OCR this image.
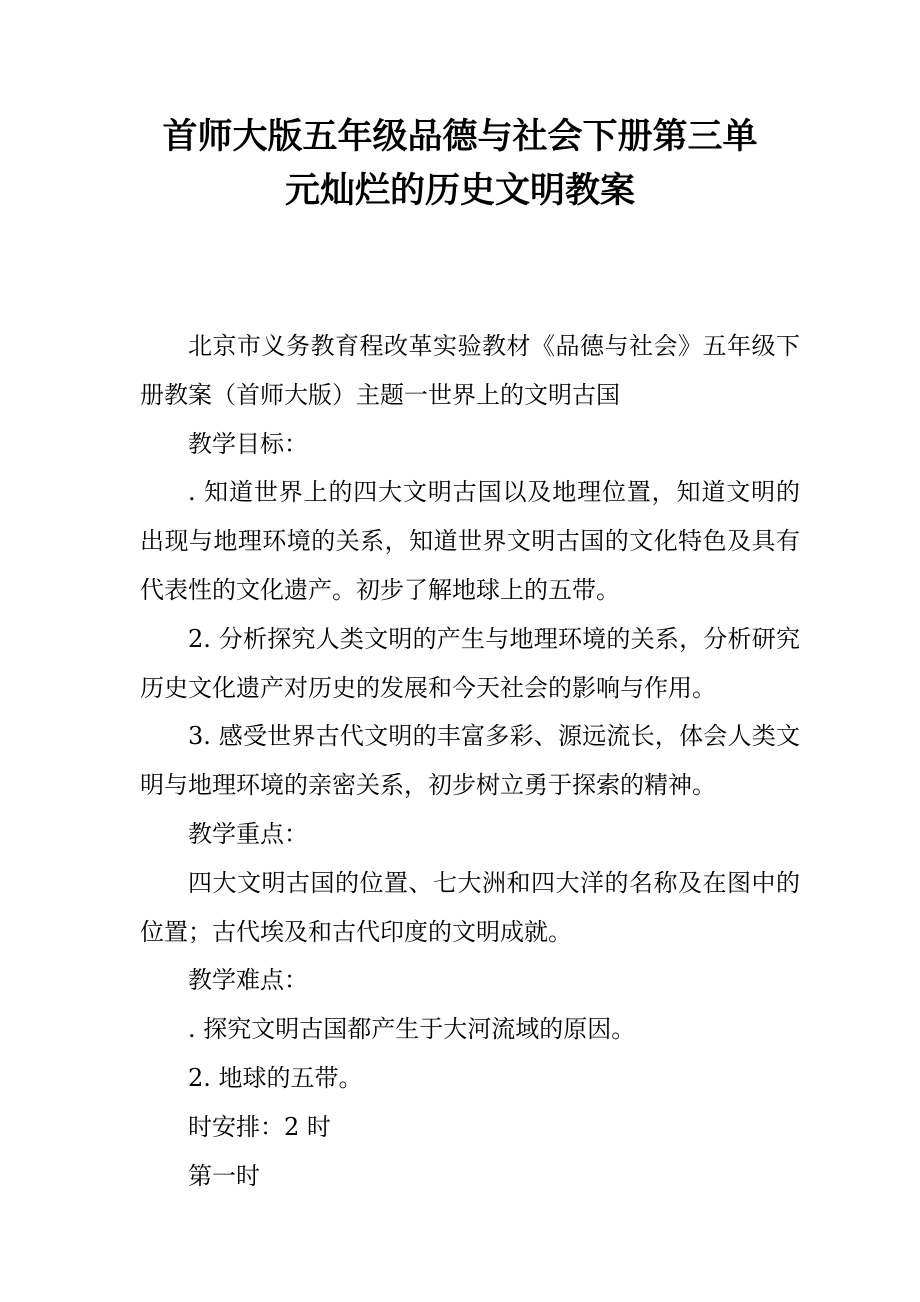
首师大版五年级品德与社会下册第三单
元灿烂的历史文明教案

北京市义务教育程改革实验教材《品德与社会》五年级下册教案（首师大版）主题一世界上的文明古国

教学目标：

. 知道世界上的四大文明古国以及地理位置，知道文明的出现与地理环境的关系，知道世界文明古国的文化特色及具有代表性的文化遗产。初步了解地球上的五带。

2. 分析探究人类文明的产生与地理环境的关系，分析研究历史文化遗产对历史的发展和今天社会的影响与作用。

3. 感受世界古代文明的丰富多彩、源远流长，体会人类文明与地理环境的亲密关系，初步树立勇于探索的精神。

教学重点：

四大文明古国的位置、七大洲和四大洋的名称及在图中的位置；古代埃及和古代印度的文明成就。

教学难点：

. 探究文明古国都产生于大河流域的原因。

2. 地球的五带。

时安排：2 时

第一时
